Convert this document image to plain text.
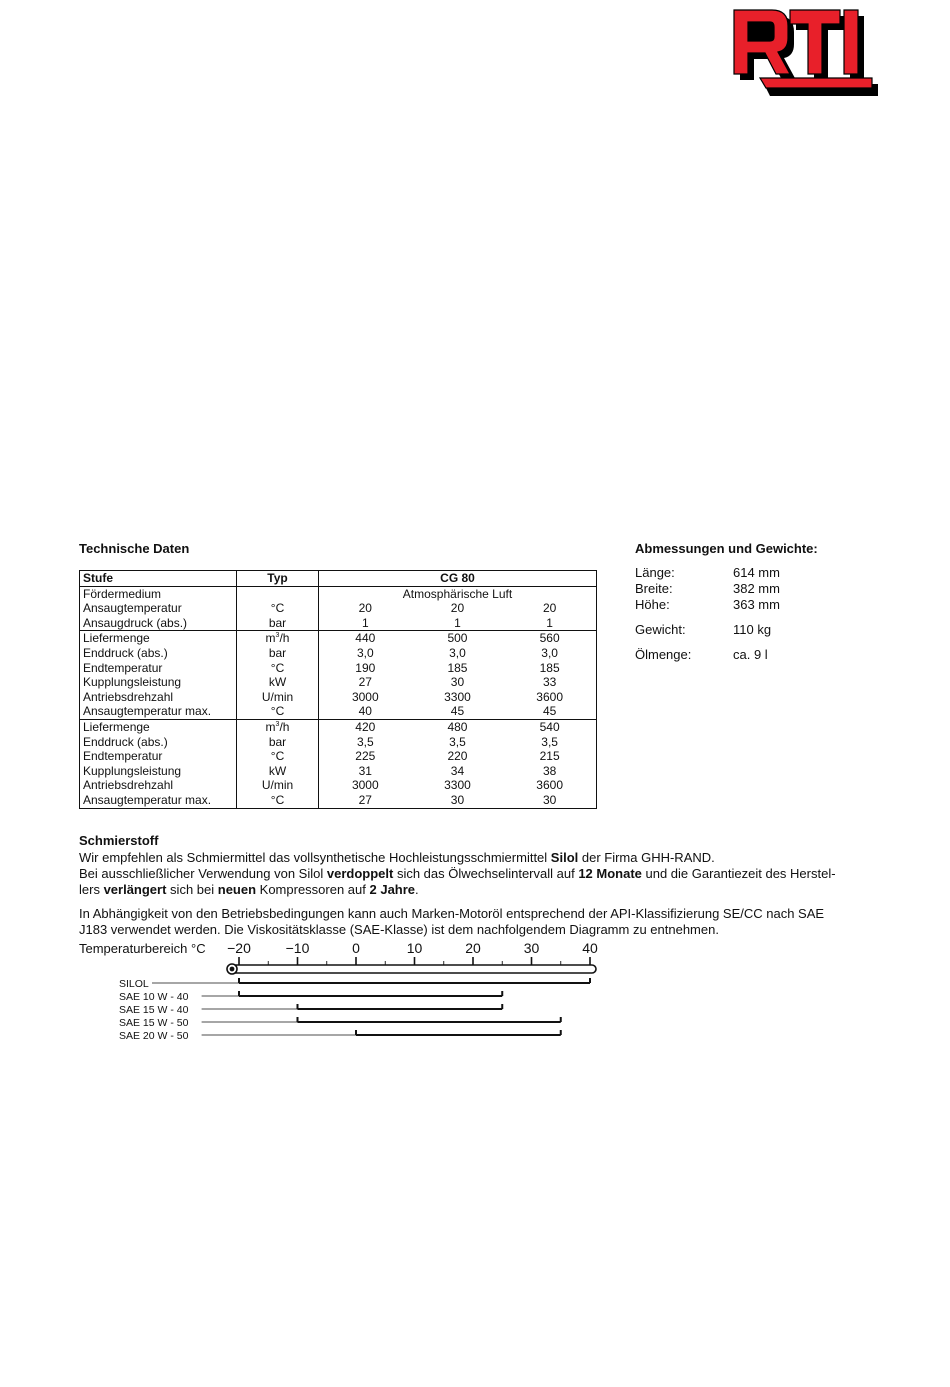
Technische Daten
Stufe	Typ	CG 80		
Fördermedium		Atmosphärische Luft		
Ansaugtemperatur	°C	20	20	20
Ansaugdruck (abs.)	bar	1	1	1
Liefermenge	$m^3/h$	440	500	560
Enddruck (abs.)	bar	3,0	3,0	3,0
Endtemperatur	°C	190	185	185
Kupplungsleistung	kW	27	30	33
Antriebsdrehzahl	U/min	3000	3300	3600
Ansaugtemperatur max.	°C	40	45	45
Liefermenge	$m^3/h$	420	480	540
Enddruck (abs.)	bar	3,5	3,5	3,5
Endtemperatur	°C	225	220	215
Kupplungsleistung	kW	31	34	38
Antriebsdrehzahl	U/min	3000	3300	3600
Ansaugtemperatur max.	°C	27	30	30
Abmessungen und Gewichte:
Länge:	614 mm
Breite:	382 mm
Höhe:	363 mm
Gewicht:	110 kg
Ölmenge:	ca. 9 l
Schmierstoff
Wir empfehlen als Schmiermittel das vollsynthetische Hochleistungsschmiermittel Silol der Firma GHH-RAND.
Bei ausschließlicher Verwendung von Silol verdoppelt sich das Ölwechselintervall auf 12 Monate und die Garantiezeit des Herstel-
lers verlängert sich bei neuen Kompressoren auf 2 Jahre.
In Abhängigkeit von den Betriebsbedingungen kann auch Marken-Motoröl entsprechend der API-Klassifizierung SE/CC nach SAE
J183 verwendet werden. Die Viskositätsklasse (SAE-Klasse) ist dem nachfolgendem Diagramm zu entnehmen.
Temperaturbereich °C −20 −10	0	10	20	30	40
SILOL
SAE 10 W - 40
SAE 15 W - 40
SAE 15 W - 50
SAE 20 W - 50
